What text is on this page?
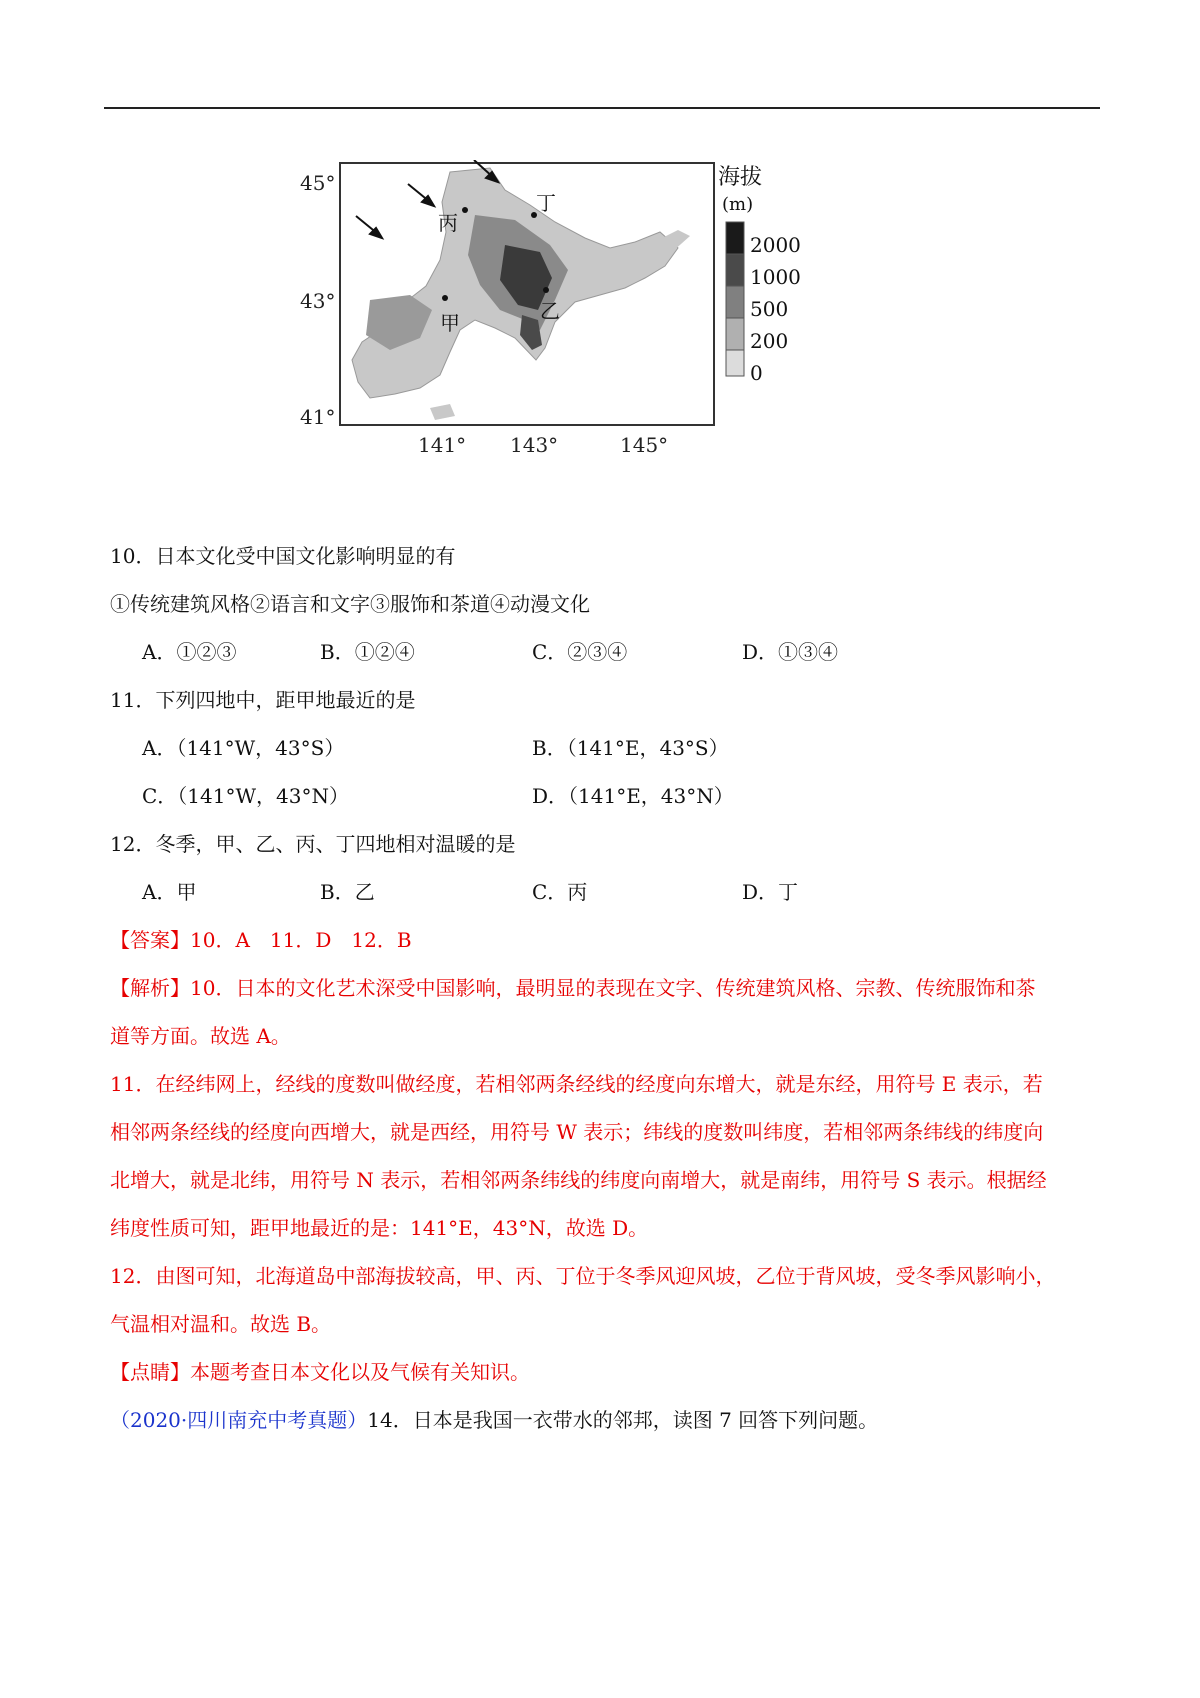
甲	乙
丙
丁
45°
43°
41°
141° 143°	145°
海拔
(m)
2000
1000
500
200
0
10．日本文化受中国文化影响明显的有
①传统建筑风格②语言和文字③服饰和茶道④动漫文化
A．①②③	B．①②④	C．②③④	D．①③④
11．下列四地中，距甲地最近的是
A．（141°W，43°S）	B．（141°E，43°S）
C．（141°W，43°N）	D．（141°E，43°N）
12．冬季，甲、乙、丙、丁四地相对温暖的是
A．甲	B．乙	C．丙	D．丁
【答案】10．A　11．D　12．B
【解析】10．日本的文化艺术深受中国影响，最明显的表现在文字、传统建筑风格、宗教、传统服饰和茶
道等方面。故选 A。
11．在经纬网上，经线的度数叫做经度，若相邻两条经线的经度向东增大，就是东经，用符号 E 表示，若
相邻两条经线的经度向西增大，就是西经，用符号 W 表示；纬线的度数叫纬度，若相邻两条纬线的纬度向
北增大，就是北纬，用符号 N 表示，若相邻两条纬线的纬度向南增大，就是南纬，用符号 S 表示。根据经
纬度性质可知，距甲地最近的是：141°E，43°N，故选 D。
12．由图可知，北海道岛中部海拔较高，甲、丙、丁位于冬季风迎风坡，乙位于背风坡，受冬季风影响小，
气温相对温和。故选 B。
【点睛】本题考查日本文化以及气候有关知识。
（2020·四川南充中考真题）14．日本是我国一衣带水的邻邦，读图 7 回答下列问题。
